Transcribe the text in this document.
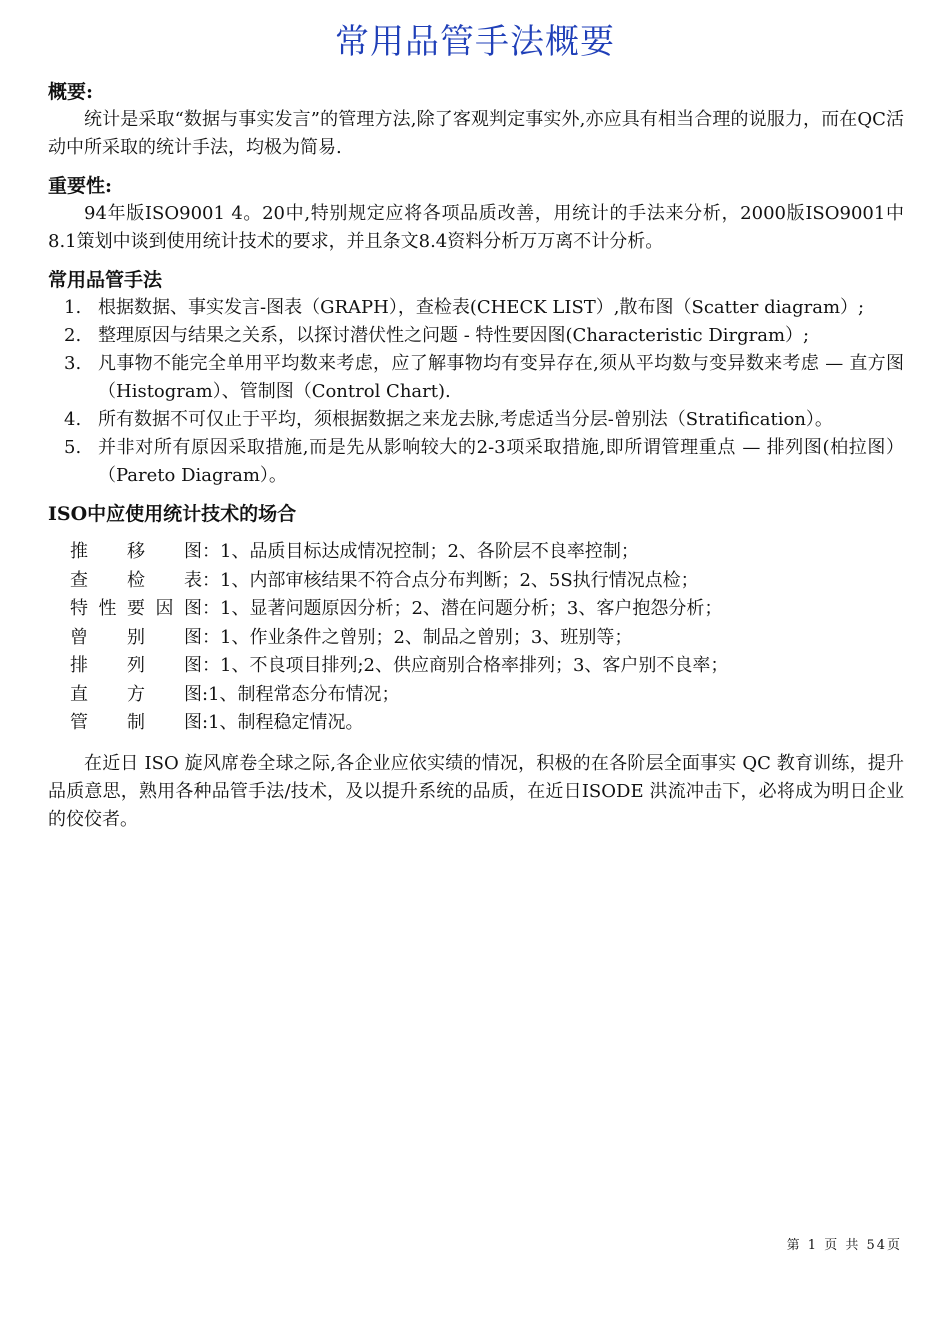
常用品管手法概要

概要:

统计是采取“数据与事实发言”的管理方法,除了客观判定事实外,亦应具有相当合理的说服力，而在QC活动中所采取的统计手法，均极为简易.

重要性:

94年版ISO9001 4。20中,特别规定应将各项品质改善，用统计的手法来分析，2000版ISO9001中8.1策划中谈到使用统计技术的要求，并且条文8.4资料分析万万离不计分析。

常用品管手法

1. 根据数据、事实发言-图表（GRAPH），查检表(CHECK LIST）,散布图（Scatter diagram）;
2. 整理原因与结果之关系，以探讨潜伏性之问题 - 特性要因图(Characteristic Dirgram）;
3. 凡事物不能完全单用平均数来考虑，应了解事物均有变异存在,须从平均数与变异数来考虑 — 直方图（Histogram）、管制图（Control Chart).
4. 所有数据不可仅止于平均，须根据数据之来龙去脉,考虑适当分层-曾别法（Stratification）。
5. 并非对所有原因采取措施,而是先从影响较大的2-3项采取措施,即所谓管理重点 — 排列图(柏拉图）（Pareto Diagram）。

ISO中应使用统计技术的场合

推移图：1、品质目标达成情况控制；2、各阶层不良率控制；
查检表：1、内部审核结果不符合点分布判断；2、5S执行情况点检；
特性要因图：1、显著问题原因分析；2、潜在问题分析；3、客户抱怨分析；
曾别图：1、作业条件之曾别；2、制品之曾别；3、班别等；
排列图：1、不良项目排列;2、供应商别合格率排列；3、客户别不良率；
直方图:1、制程常态分布情况；
管制图:1、制程稳定情况。

在近日 ISO 旋风席卷全球之际,各企业应依实绩的情况，积极的在各阶层全面事实 QC 教育训练，提升品质意思，熟用各种品管手法/技术，及以提升系统的品质，在近日ISODE 洪流冲击下，必将成为明日企业的佼佼者。

第 1 页 共 54页
